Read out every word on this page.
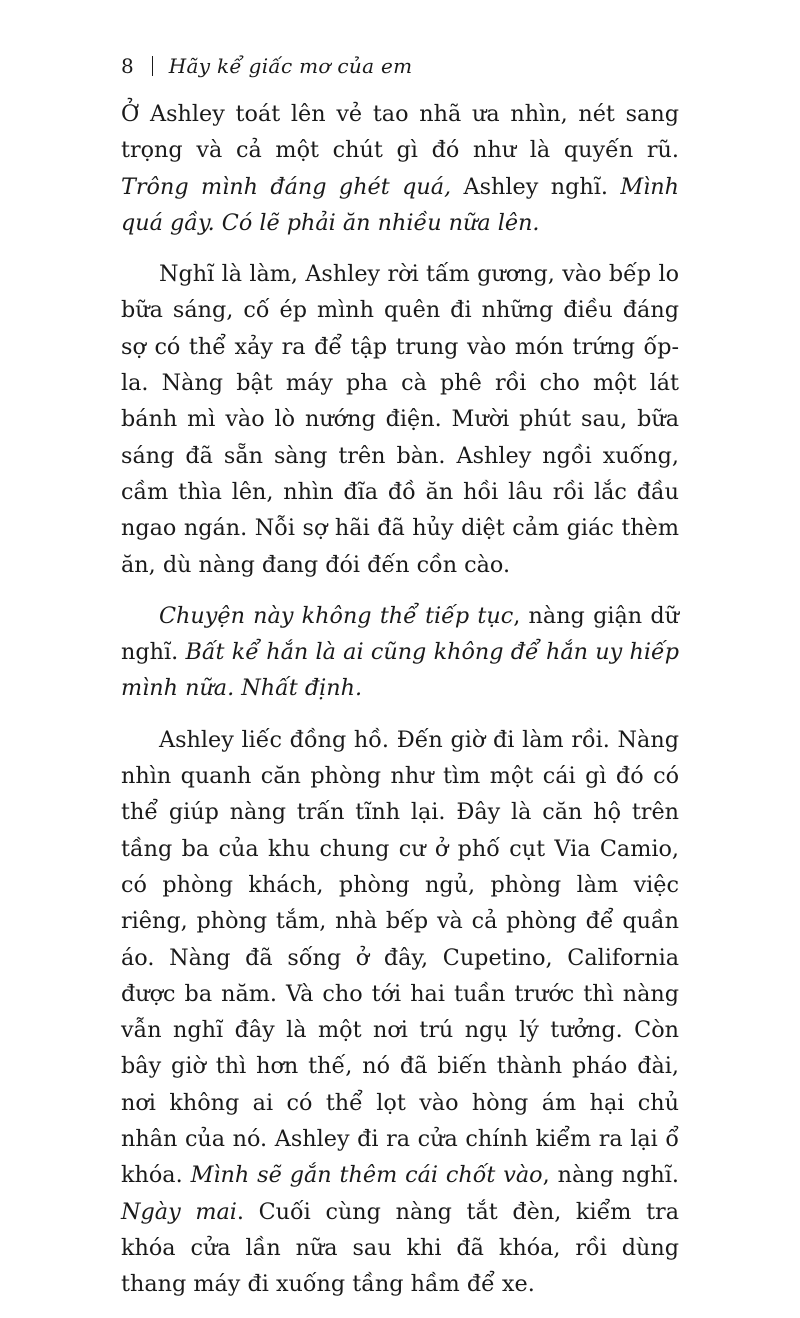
8 Hãy kể giấc mơ của em

Ở Ashley toát lên vẻ tao nhã ưa nhìn, nét sang trọng và cả một chút gì đó như là quyến rũ. Trông mình đáng ghét quá, Ashley nghĩ. Mình quá gầy. Có lẽ phải ăn nhiều nữa lên.

Nghĩ là làm, Ashley rời tấm gương, vào bếp lo bữa sáng, cố ép mình quên đi những điều đáng sợ có thể xảy ra để tập trung vào món trứng ốp-la. Nàng bật máy pha cà phê rồi cho một lát bánh mì vào lò nướng điện. Mười phút sau, bữa sáng đã sẵn sàng trên bàn. Ashley ngồi xuống, cầm thìa lên, nhìn đĩa đồ ăn hồi lâu rồi lắc đầu ngao ngán. Nỗi sợ hãi đã hủy diệt cảm giác thèm ăn, dù nàng đang đói đến cồn cào.

Chuyện này không thể tiếp tục, nàng giận dữ nghĩ. Bất kể hắn là ai cũng không để hắn uy hiếp mình nữa. Nhất định.

Ashley liếc đồng hồ. Đến giờ đi làm rồi. Nàng nhìn quanh căn phòng như tìm một cái gì đó có thể giúp nàng trấn tĩnh lại. Đây là căn hộ trên tầng ba của khu chung cư ở phố cụt Via Camio, có phòng khách, phòng ngủ, phòng làm việc riêng, phòng tắm, nhà bếp và cả phòng để quần áo. Nàng đã sống ở đây, Cupetino, California được ba năm. Và cho tới hai tuần trước thì nàng vẫn nghĩ đây là một nơi trú ngụ lý tưởng. Còn bây giờ thì hơn thế, nó đã biến thành pháo đài, nơi không ai có thể lọt vào hòng ám hại chủ nhân của nó. Ashley đi ra cửa chính kiểm ra lại ổ khóa. Mình sẽ gắn thêm cái chốt vào, nàng nghĩ. Ngày mai. Cuối cùng nàng tắt đèn, kiểm tra khóa cửa lần nữa sau khi đã khóa, rồi dùng thang máy đi xuống tầng hầm để xe.
